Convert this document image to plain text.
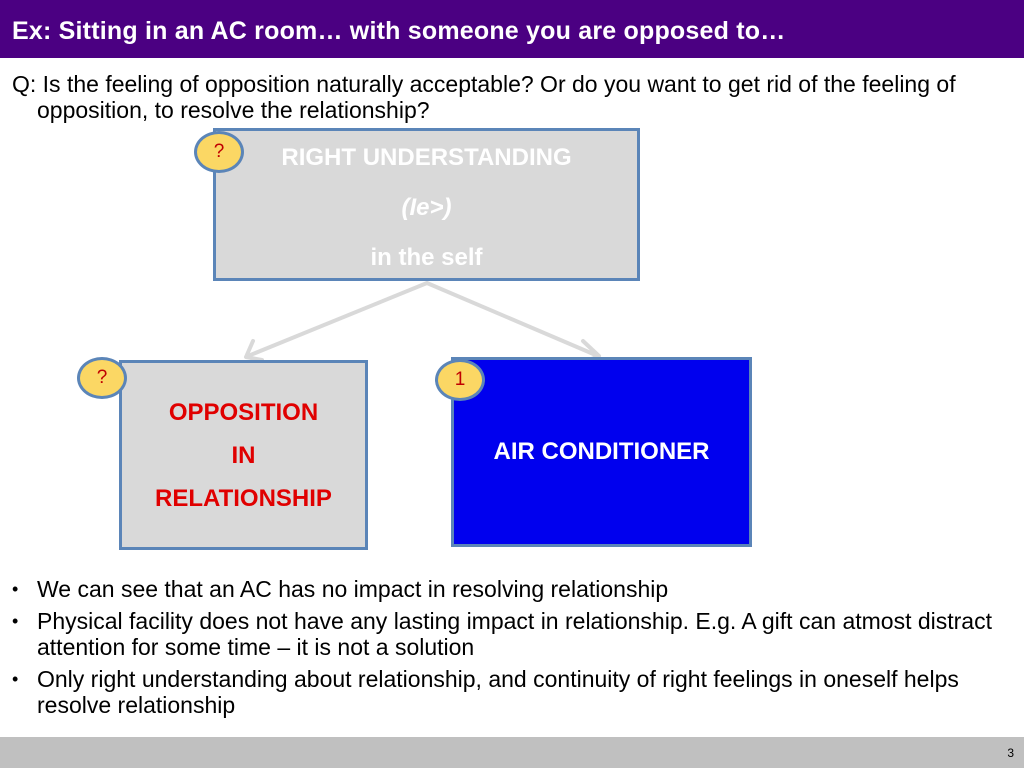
Ex: Sitting in an AC room… with someone you are opposed to…
Q: Is the feeling of opposition naturally acceptable? Or do you want to get rid of the feeling of opposition, to resolve the relationship?
RIGHT UNDERSTANDING
(Ie>)
in the self
?
OPPOSITION
IN
RELATIONSHIP
?
AIR CONDITIONER
1
• We can see that an AC has no impact in resolving relationship
• Physical facility does not have any lasting impact in relationship. E.g. A gift can atmost distract attention for some time – it is not a solution
• Only right understanding about relationship, and continuity of right feelings in oneself helps resolve relationship
3
